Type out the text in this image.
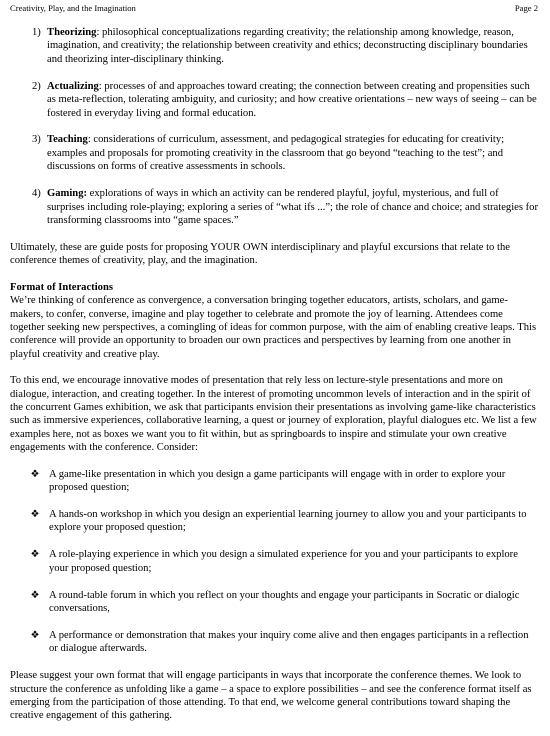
Creativity, Play, and the Imagination	Page 2
1) Theorizing: philosophical conceptualizations regarding creativity; the relationship among knowledge, reason, imagination, and creativity; the relationship between creativity and ethics; deconstructing disciplinary boundaries and theorizing inter-disciplinary thinking.
2) Actualizing: processes of and approaches toward creating; the connection between creating and propensities such as meta-reflection, tolerating ambiguity, and curiosity; and how creative orientations – new ways of seeing – can be fostered in everyday living and formal education.
3) Teaching: considerations of curriculum, assessment, and pedagogical strategies for educating for creativity; examples and proposals for promoting creativity in the classroom that go beyond “teaching to the test”; and discussions on forms of creative assessments in schools.
4) Gaming: explorations of ways in which an activity can be rendered playful, joyful, mysterious, and full of surprises including role-playing; exploring a series of “what ifs ...”; the role of chance and choice; and strategies for transforming classrooms into “game spaces.”

Ultimately, these are guide posts for proposing YOUR OWN interdisciplinary and playful excursions that relate to the conference themes of creativity, play, and the imagination.

Format of Interactions

We’re thinking of conference as convergence, a conversation bringing together educators, artists, scholars, and game-makers, to confer, converse, imagine and play together to celebrate and promote the joy of learning. Attendees come together seeking new perspectives, a comingling of ideas for common purpose, with the aim of enabling creative leaps. This conference will provide an opportunity to broaden our own practices and perspectives by learning from one another in playful creativity and creative play.

To this end, we encourage innovative modes of presentation that rely less on lecture-style presentations and more on dialogue, interaction, and creating together. In the interest of promoting uncommon levels of interaction and in the spirit of the concurrent Games exhibition, we ask that participants envision their presentations as involving game-like characteristics such as immersive experiences, collaborative learning, a quest or journey of exploration, playful dialogues etc. We list a few examples here, not as boxes we want you to fit within, but as springboards to inspire and stimulate your own creative engagements with the conference. Consider:

❖ A game-like presentation in which you design a game participants will engage with in order to explore your proposed question;
❖ A hands-on workshop in which you design an experiential learning journey to allow you and your participants to explore your proposed question;
❖ A role-playing experience in which you design a simulated experience for you and your participants to explore your proposed question;
❖ A round-table forum in which you reflect on your thoughts and engage your participants in Socratic or dialogic conversations,
❖ A performance or demonstration that makes your inquiry come alive and then engages participants in a reflection or dialogue afterwards.

Please suggest your own format that will engage participants in ways that incorporate the conference themes. We look to structure the conference as unfolding like a game – a space to explore possibilities – and see the conference format itself as emerging from the participation of those attending. To that end, we welcome general contributions toward shaping the creative engagement of this gathering.
